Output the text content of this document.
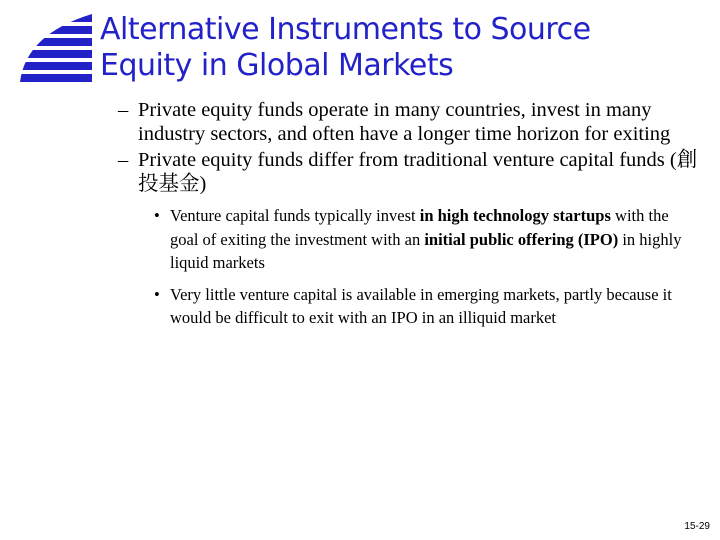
Alternative Instruments to Source
Equity in Global Markets
– Private equity funds operate in many countries, invest in many industry sectors, and often have a longer time horizon for exiting
– Private equity funds differ from traditional venture capital funds (創投基金)
• Venture capital funds typically invest in high technology startups with the goal of exiting the investment with an initial public offering (IPO) in highly liquid markets
• Very little venture capital is available in emerging markets, partly because it would be difficult to exit with an IPO in an illiquid market
15-29
